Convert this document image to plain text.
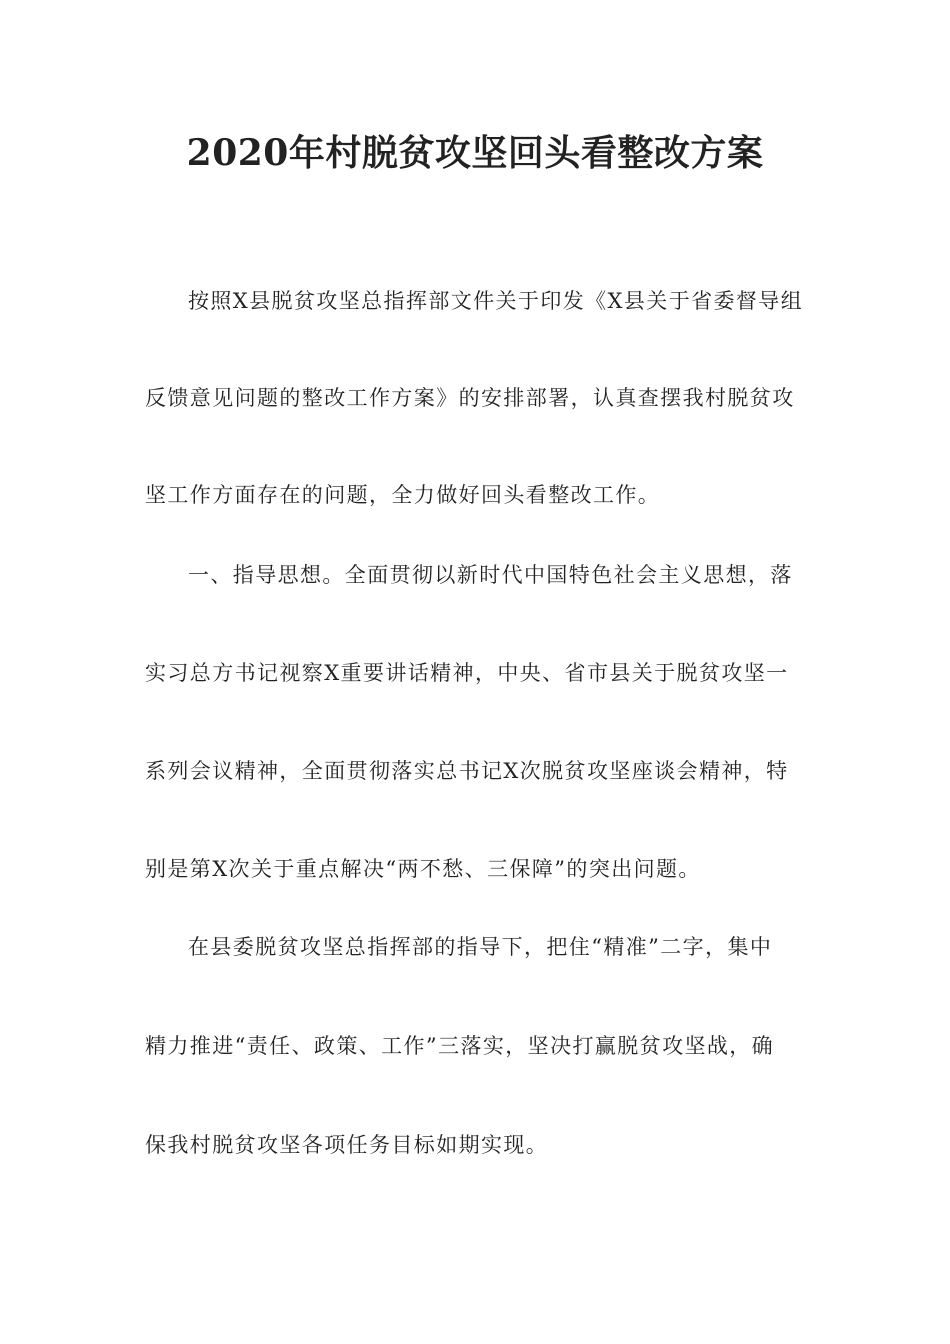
2020年村脱贫攻坚回头看整改方案
按照X县脱贫攻坚总指挥部文件关于印发《X县关于省委督导组
反馈意见问题的整改工作方案》的安排部署，认真查摆我村脱贫攻
坚工作方面存在的问题，全力做好回头看整改工作。
一、指导思想。全面贯彻以新时代中国特色社会主义思想，落
实习总方书记视察X重要讲话精神，中央、省市县关于脱贫攻坚一
系列会议精神，全面贯彻落实总书记X次脱贫攻坚座谈会精神，特
别是第X次关于重点解决“两不愁、三保障”的突出问题。
在县委脱贫攻坚总指挥部的指导下，把住“精准”二字，集中
精力推进“责任、政策、工作”三落实，坚决打赢脱贫攻坚战，确
保我村脱贫攻坚各项任务目标如期实现。
